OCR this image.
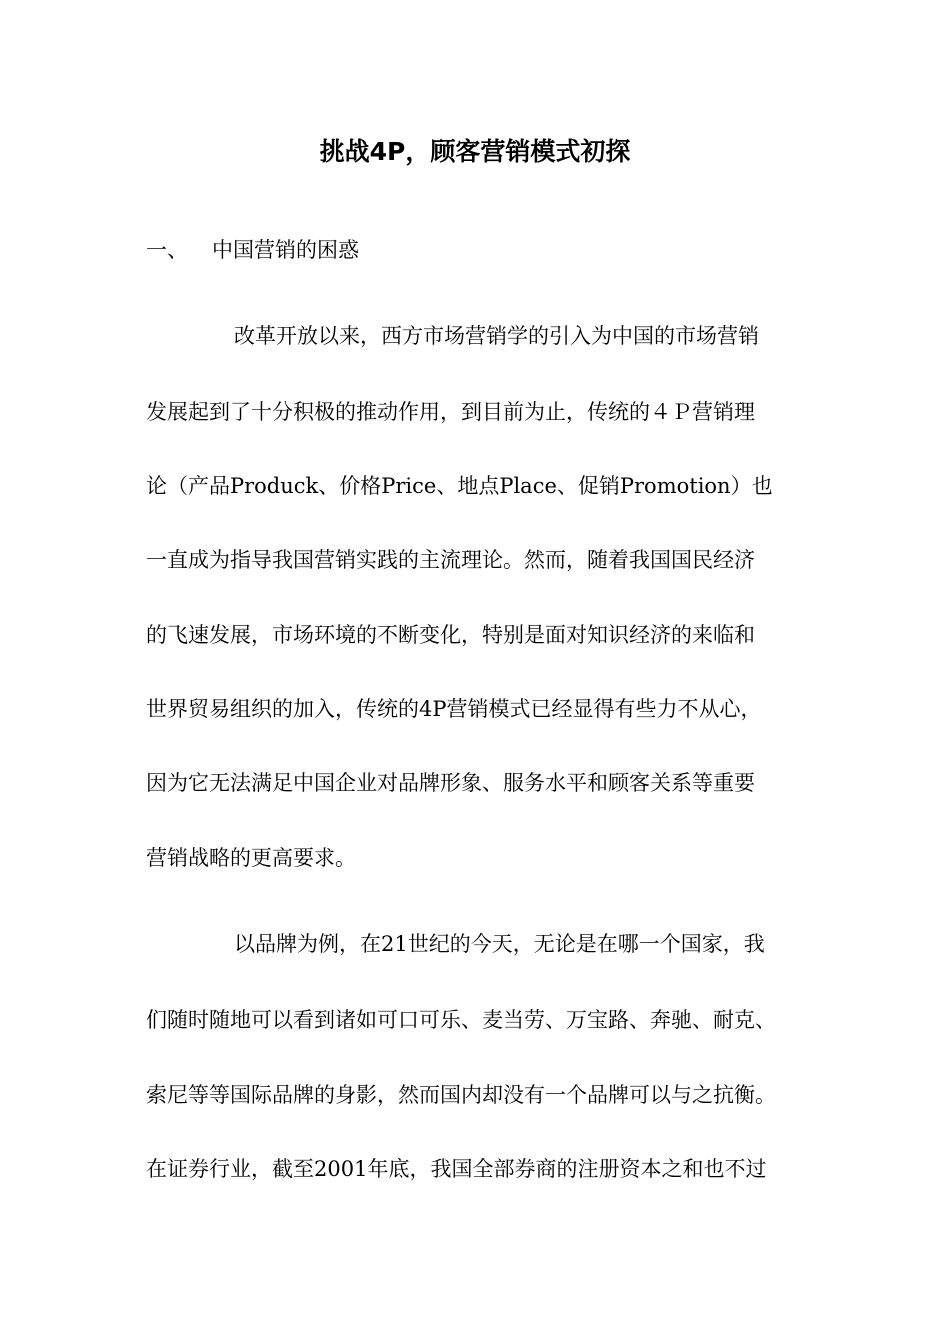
挑战4P，顾客营销模式初探
一、 中国营销的困惑
改革开放以来，西方市场营销学的引入为中国的市场营销
发展起到了十分积极的推动作用，到目前为止，传统的４Ｐ营销理
论（产品Produck、价格Price、地点Place、促销Promotion）也
一直成为指导我国营销实践的主流理论。然而，随着我国国民经济
的飞速发展，市场环境的不断变化，特别是面对知识经济的来临和
世界贸易组织的加入，传统的4P营销模式已经显得有些力不从心，
因为它无法满足中国企业对品牌形象、服务水平和顾客关系等重要
营销战略的更高要求。
以品牌为例，在21世纪的今天，无论是在哪一个国家，我
们随时随地可以看到诸如可口可乐、麦当劳、万宝路、奔驰、耐克、
索尼等等国际品牌的身影，然而国内却没有一个品牌可以与之抗衡。
在证券行业，截至2001年底，我国全部券商的注册资本之和也不过
